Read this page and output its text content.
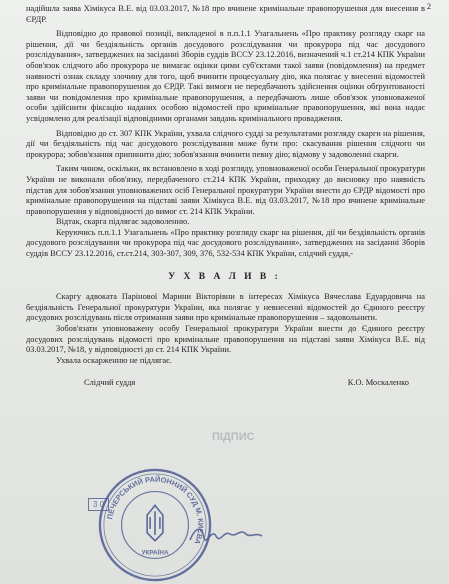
2

надійшла заява Хімікуса В.Е. від 03.03.2017, №18 про вчинене кримінальне правопорушення для внесення в ЄРДР.

Відповідно до правової позиції, викладеної в п.п.1.1 Узагальнень «Про практику розгляду скарг на рішення, дії чи бездіяльність органів досудового розслідування чи прокурора під час досудового розслідування», затверджених на засіданні Зборів суддів ВССУ 23.12.2016, визначений ч.1 ст.214 КПК України обов'язок слідчого або прокурора не вимагає оцінки цими суб'єктами такої заяви (повідомлення) на предмет наявності ознак складу злочину для того, щоб вчинити процесуальну дію, яка полягає у внесенні відомостей про кримінальне правопорушення до ЄРДР. Такі вимоги не передбачають здійснення оцінки обґрунтованості заяви чи повідомлення про кримінальне правопорушення, а передбачають лише обов'язок уповноваженої особи здійснити фіксацію наданих особою відомостей про кримінальне правопорушення, які вона надає усвідомлено для реалізації відповідними органами завдань кримінального провадження.

Відповідно до ст. 307 КПК України, ухвала слідчого судді за результатами розгляду скарги на рішення, дії чи бездіяльність під час досудового розслідування може бути про: скасування рішення слідчого чи прокурора; зобов'язання припинити дію; зобов'язання вчинити певну дію; відмову у задоволенні скарги.

Таким чином, оскільки, як встановлено в ході розгляду, уповноваженої особи Генеральної прокуратури України не виконали обов'язку, передбаченого ст.214 КПК України, приходжу до висновку про наявність підстав для зобов'язання уповноважених осіб Генеральної прокуратури України внести до ЄРДР відомості про кримінальне правопорушення на підставі заяви Хімікуса В.Е. від 03.03.2017, №18 про вчинене кримінальне правопорушення у відповідності до вимог ст. 214 КПК України.

Відтак, скарга підлягає задоволенню.

Керуючись п.п.1.1 Узагальнень «Про практику розгляду скарг на рішення, дії чи бездіяльність органів досудового розслідування чи прокурора під час досудового розслідування», затверджених на засіданні Зборів суддів ВССУ 23.12.2016, ст.ст.214, 303-307, 309, 376, 532-534 КПК України, слідчий суддя,-

У Х В А Л И В :

Скаргу адвоката Парінової Марини Вікторівни в інтересах Хімікуса Вячеслава Едуардовича на бездіяльність Генеральної прокуратури України, яка полягає у невнесенні відомостей до Єдиного реєстру досудових розслідувань після отримання заяви про кримінальне правопорушення – задовольнити.

Зобов'язати уповноважену особу Генеральної прокуратури України внести до Єдиного реєстру досудових розслідувань відомості про кримінальне правопорушення на підставі заяви Хімікуса В.Е. від 03.03.2017, №18, у відповідності до ст. 214 КПК України.

Ухвала оскарженню не підлягає.

Слідчий суддя	К.О. Москаленко
ПІДПИС
3 0
ПЕЧЕРСЬКИЙ РАЙОННИЙ СУД М. КИЄВА
УКРАЇНА
